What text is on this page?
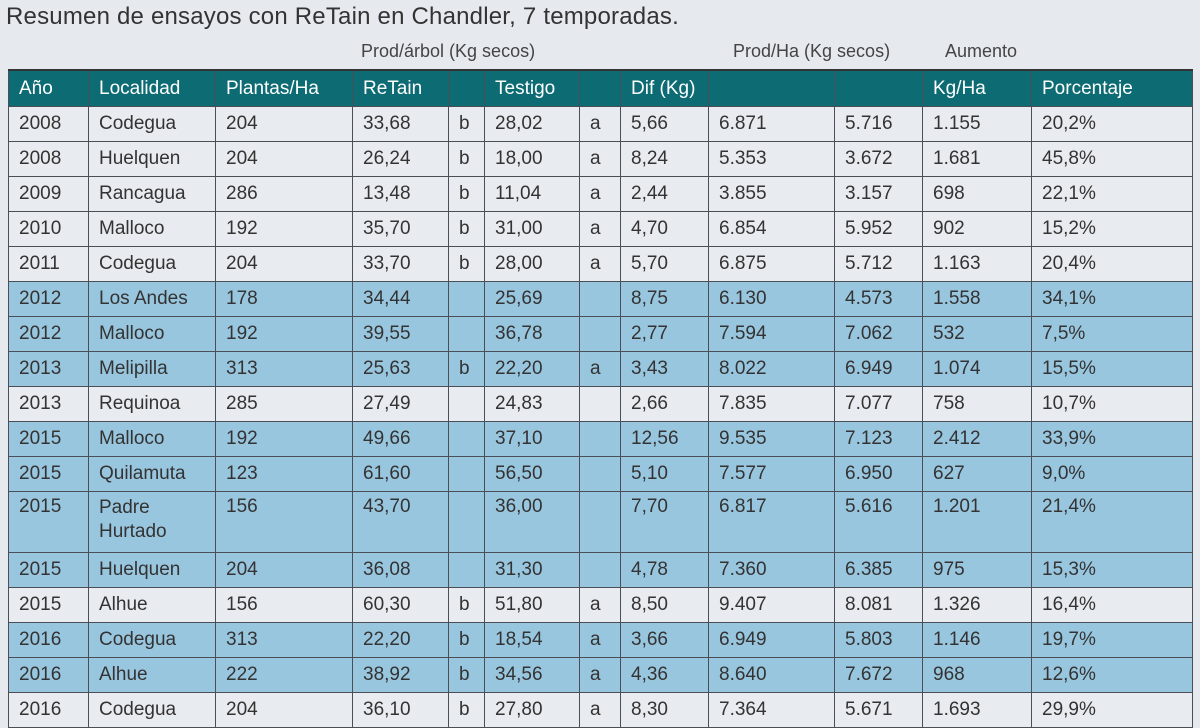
Resumen de ensayos con ReTain en Chandler, 7 temporadas.
Prod/árbol (Kg secos)	Prod/Ha (Kg secos)	Aumento
Año	Localidad	Plantas/Ha	ReTain		Testigo		Dif (Kg)			Kg/Ha	Porcentaje
2008	Codegua	204	33,68	b	28,02	a	5,66	6.871	5.716	1.155	20,2%
2008	Huelquen	204	26,24	b	18,00	a	8,24	5.353	3.672	1.681	45,8%
2009	Rancagua	286	13,48	b	11,04	a	2,44	3.855	3.157	698	22,1%
2010	Malloco	192	35,70	b	31,00	a	4,70	6.854	5.952	902	15,2%
2011	Codegua	204	33,70	b	28,00	a	5,70	6.875	5.712	1.163	20,4%
2012	Los Andes	178	34,44		25,69		8,75	6.130	4.573	1.558	34,1%
2012	Malloco	192	39,55		36,78		2,77	7.594	7.062	532	7,5%
2013	Melipilla	313	25,63	b	22,20	a	3,43	8.022	6.949	1.074	15,5%
2013	Requinoa	285	27,49		24,83		2,66	7.835	7.077	758	10,7%
2015	Malloco	192	49,66		37,10		12,56	9.535	7.123	2.412	33,9%
2015	Quilamuta	123	61,60		56,50		5,10	7.577	6.950	627	9,0%
2015	Padre Hurtado	156	43,70		36,00		7,70	6.817	5.616	1.201	21,4%
2015	Huelquen	204	36,08		31,30		4,78	7.360	6.385	975	15,3%
2015	Alhue	156	60,30	b	51,80	a	8,50	9.407	8.081	1.326	16,4%
2016	Codegua	313	22,20	b	18,54	a	3,66	6.949	5.803	1.146	19,7%
2016	Alhue	222	38,92	b	34,56	a	4,36	8.640	7.672	968	12,6%
2016	Codegua	204	36,10	b	27,80	a	8,30	7.364	5.671	1.693	29,9%
